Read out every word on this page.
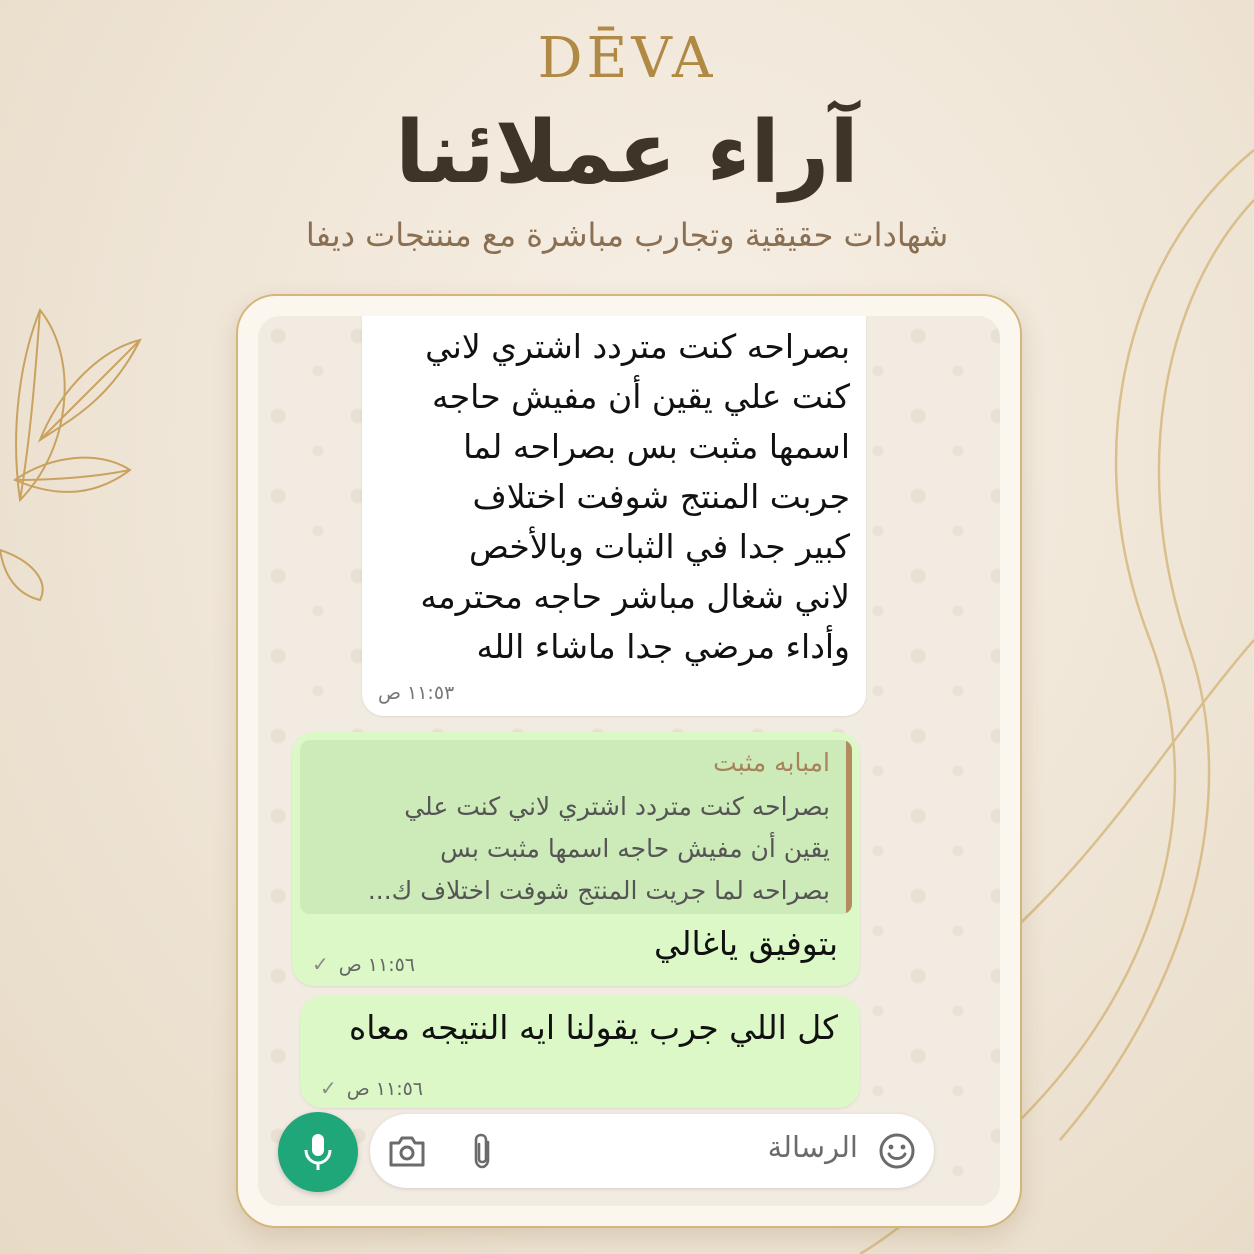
DĒVA
آراء عملائنا
شهادات حقيقية وتجارب مباشرة مع مننتجات ديفا
بصراحه كنت متردد اشتري لاني
كنت علي يقين أن مفيش حاجه
اسمها مثبت بس بصراحه لما
جربت المنتج شوفت اختلاف
كبير جدا في الثبات وبالأخص
لاني شغال مباشر حاجه محترمه
وأداء مرضي جدا ماشاء الله
١١:٥٣ ص
امبابه مثبت
بصراحه كنت متردد اشتري لاني كنت علي
يقين أن مفيش حاجه اسمها مثبت بس
بصراحه لما جريت المنتج شوفت اختلاف ك...
بتوفيق ياغالي
١١:٥٦ ص✓
كل اللي جرب يقولنا ايه النتيجه معاه
١١:٥٦ ص✓
الرسالة
